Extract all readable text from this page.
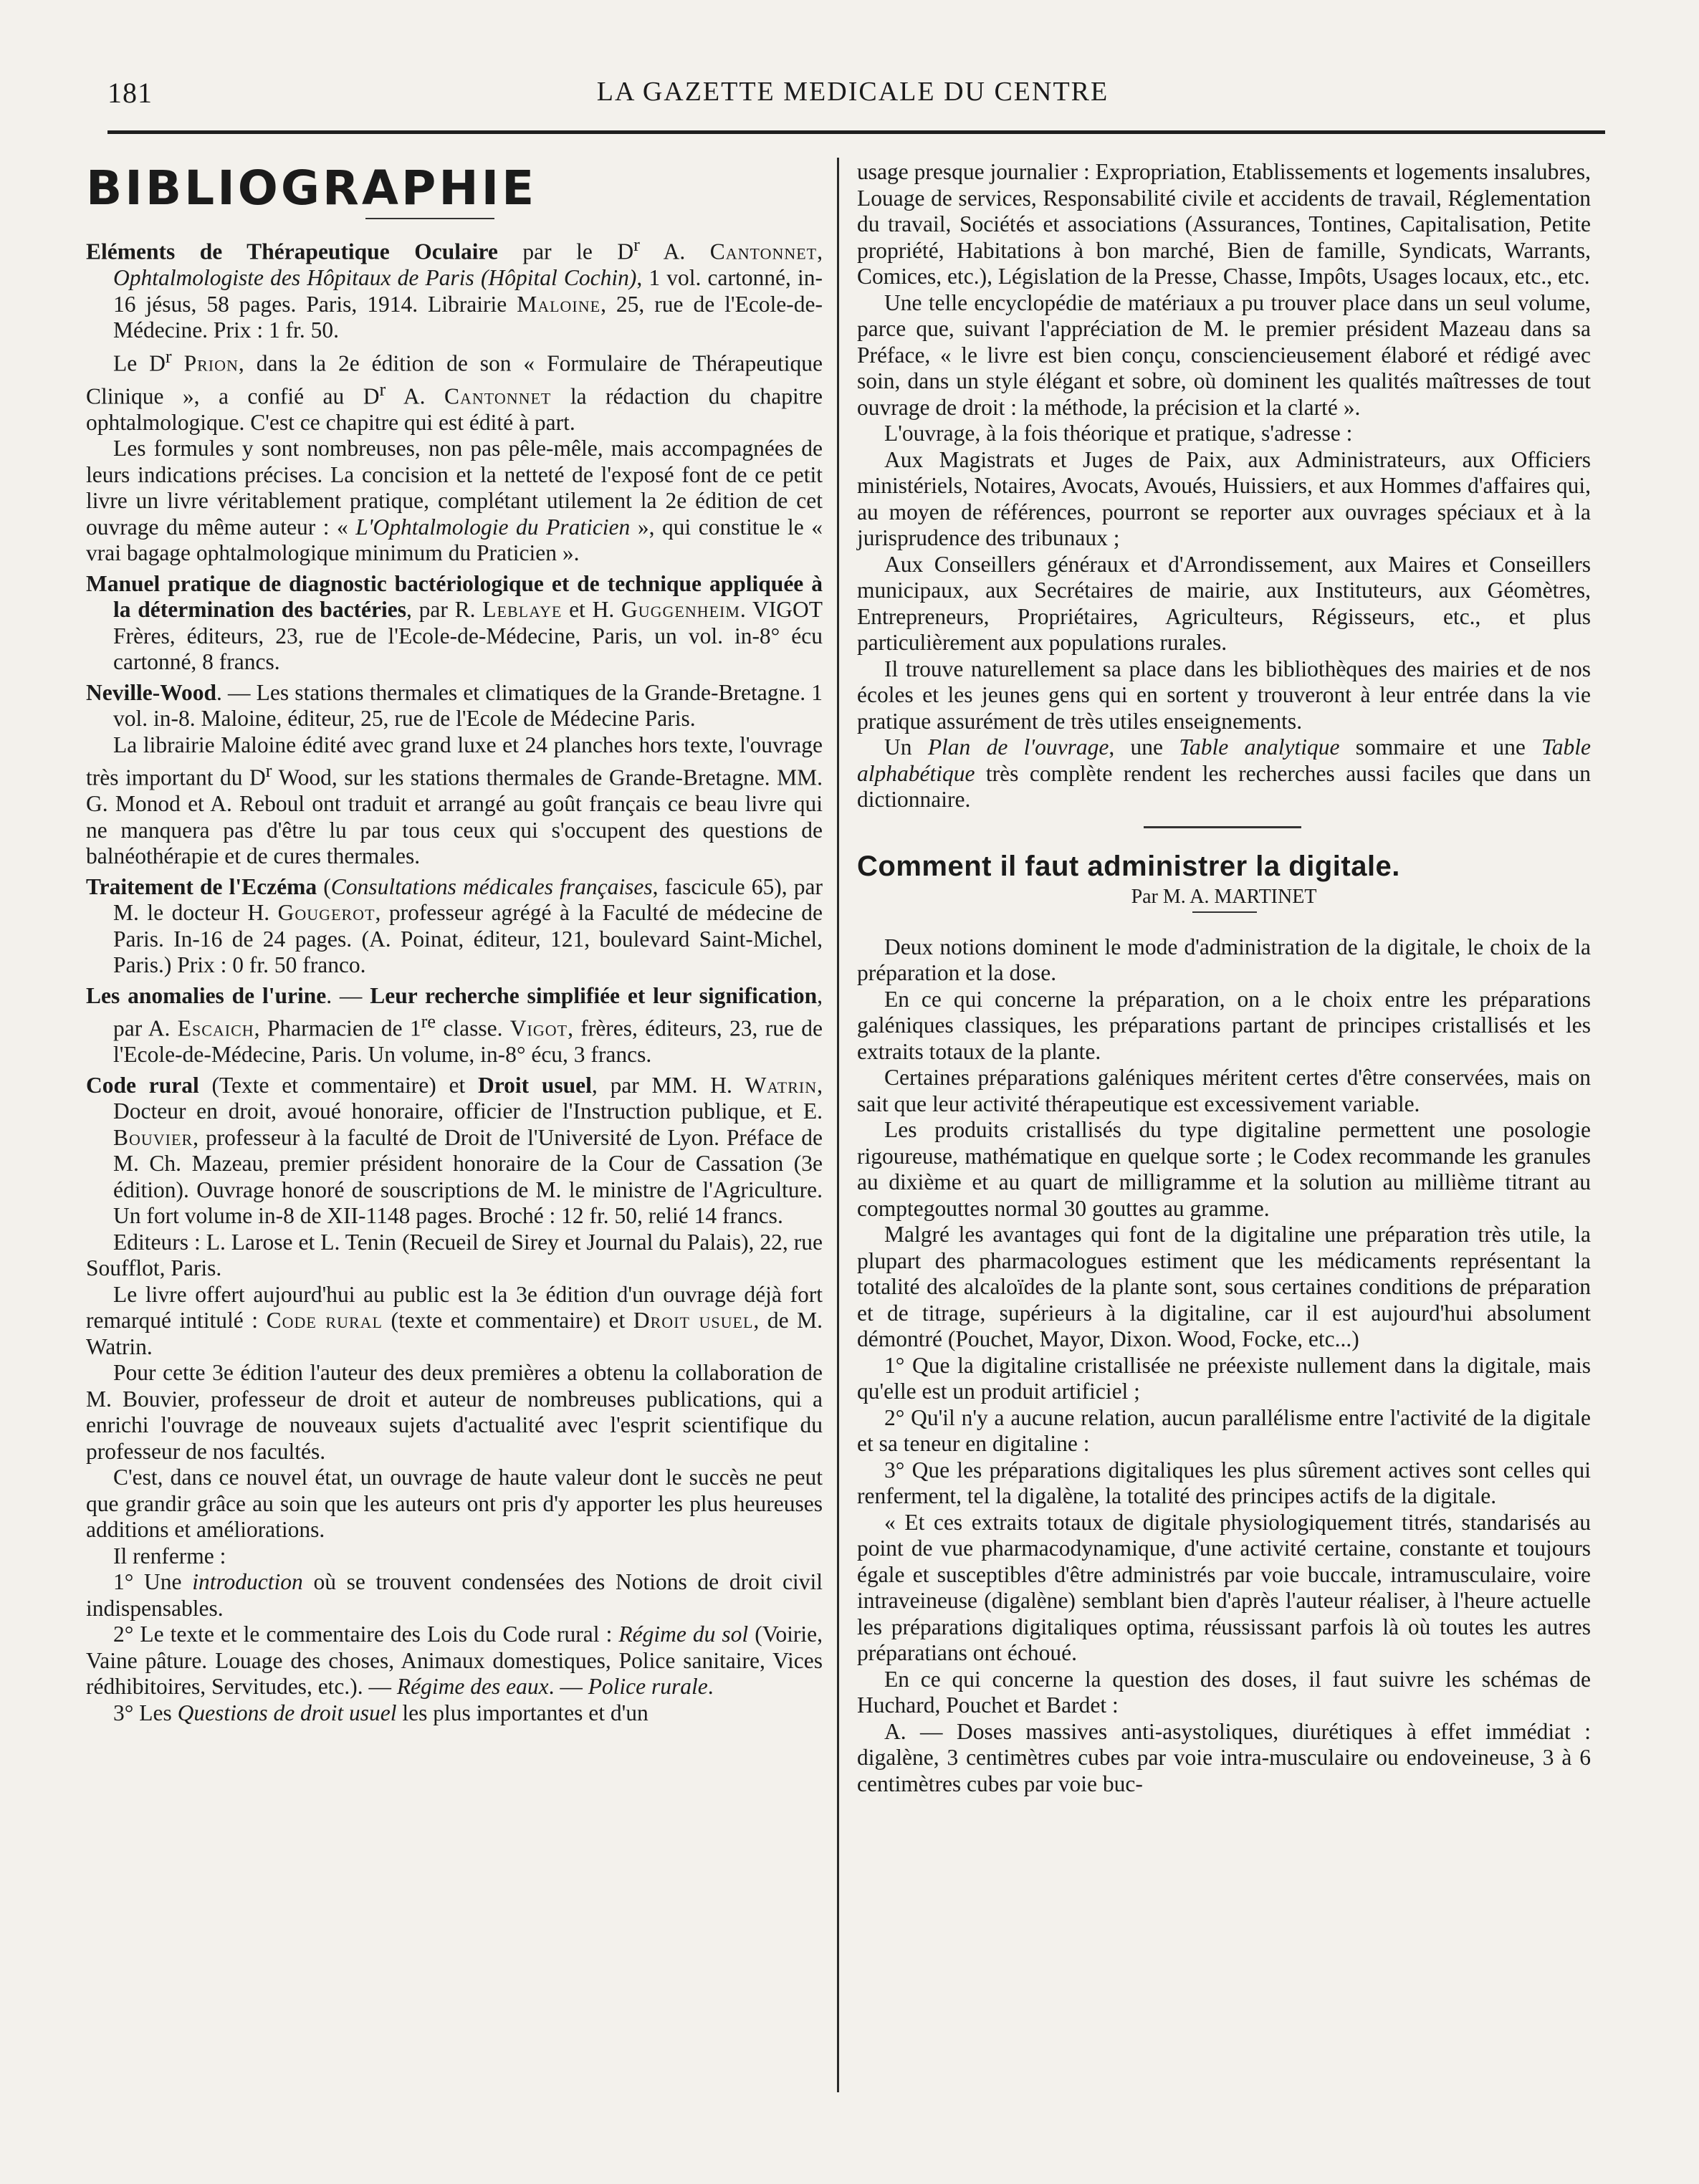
LA GAZETTE MEDICALE DU CENTRE
181

BIBLIOGRAPHIE

Eléments de Thérapeutique Oculaire par le $D^r$ A. Cantonnet, Ophtalmologiste des Hôpitaux de Paris (Hôpital Cochin), 1 vol. cartonné, in-16 jésus, 58 pages. Paris, 1914. Librairie Maloine, 25, rue de l'Ecole-de-Médecine. Prix : 1 fr. 50.

Le $D^r$ Prion, dans la 2e édition de son « Formulaire de Thérapeutique Clinique », a confié au $D^r$ A. Cantonnet la rédaction du chapitre ophtalmologique. C'est ce chapitre qui est édité à part.

Les formules y sont nombreuses, non pas pêle-mêle, mais accompagnées de leurs indications précises. La concision et la netteté de l'exposé font de ce petit livre un livre véritablement pratique, complétant utilement la 2e édition de cet ouvrage du même auteur : « L'Ophtalmologie du Praticien », qui constitue le « vrai bagage ophtalmologique minimum du Praticien ».

Manuel pratique de diagnostic bactériologique et de technique appliquée à la détermination des bactéries, par R. Leblaye et H. Guggenheim. VIGOT Frères, éditeurs, 23, rue de l'Ecole-de-Médecine, Paris, un vol. in-8° écu cartonné, 8 francs.

Neville-Wood. — Les stations thermales et climatiques de la Grande-Bretagne. 1 vol. in-8. Maloine, éditeur, 25, rue de l'Ecole de Médecine Paris.

La librairie Maloine édité avec grand luxe et 24 planches hors texte, l'ouvrage très important du $D^r$ Wood, sur les stations thermales de Grande-Bretagne. MM. G. Monod et A. Reboul ont traduit et arrangé au goût français ce beau livre qui ne manquera pas d'être lu par tous ceux qui s'occupent des questions de balnéothérapie et de cures thermales.

Traitement de l'Eczéma (Consultations médicales françaises, fascicule 65), par M. le docteur H. Gougerot, professeur agrégé à la Faculté de médecine de Paris. In-16 de 24 pages. (A. Poinat, éditeur, 121, boulevard Saint-Michel, Paris.) Prix : 0 fr. 50 franco.

Les anomalies de l'urine. — Leur recherche simplifiée et leur signification, par A. Escaich, Pharmacien de 1re classe. Vigot, frères, éditeurs, 23, rue de l'Ecole-de-Médecine, Paris. Un volume, in-8° écu, 3 francs.

Code rural (Texte et commentaire) et Droit usuel, par MM. H. Watrin, Docteur en droit, avoué honoraire, officier de l'Instruction publique, et E. Bouvier, professeur à la faculté de Droit de l'Université de Lyon. Préface de M. Ch. Mazeau, premier président honoraire de la Cour de Cassation (3e édition). Ouvrage honoré de souscriptions de M. le ministre de l'Agriculture. Un fort volume in-8 de XII-1148 pages. Broché : 12 fr. 50, relié 14 francs.

Editeurs : L. Larose et L. Tenin (Recueil de Sirey et Journal du Palais), 22, rue Soufflot, Paris.

Le livre offert aujourd'hui au public est la 3e édition d'un ouvrage déjà fort remarqué intitulé : Code rural (texte et commentaire) et Droit usuel, de M. Watrin.

Pour cette 3e édition l'auteur des deux premières a obtenu la collaboration de M. Bouvier, professeur de droit et auteur de nombreuses publications, qui a enrichi l'ouvrage de nouveaux sujets d'actualité avec l'esprit scientifique du professeur de nos facultés.

C'est, dans ce nouvel état, un ouvrage de haute valeur dont le succès ne peut que grandir grâce au soin que les auteurs ont pris d'y apporter les plus heureuses additions et améliorations.

Il renferme :

1° Une introduction où se trouvent condensées des Notions de droit civil indispensables.

2° Le texte et le commentaire des Lois du Code rural : Régime du sol (Voirie, Vaine pâture. Louage des choses, Animaux domestiques, Police sanitaire, Vices rédhibitoires, Servitudes, etc.). — Régime des eaux. — Police rurale.

3° Les Questions de droit usuel les plus importantes et d'un

usage presque journalier : Expropriation, Etablissements et logements insalubres, Louage de services, Responsabilité civile et accidents de travail, Réglementation du travail, Sociétés et associations (Assurances, Tontines, Capitalisation, Petite propriété, Habitations à bon marché, Bien de famille, Syndicats, Warrants, Comices, etc.), Législation de la Presse, Chasse, Impôts, Usages locaux, etc., etc.

Une telle encyclopédie de matériaux a pu trouver place dans un seul volume, parce que, suivant l'appréciation de M. le premier président Mazeau dans sa Préface, « le livre est bien conçu, consciencieusement élaboré et rédigé avec soin, dans un style élégant et sobre, où dominent les qualités maîtresses de tout ouvrage de droit : la méthode, la précision et la clarté ».

L'ouvrage, à la fois théorique et pratique, s'adresse :

Aux Magistrats et Juges de Paix, aux Administrateurs, aux Officiers ministériels, Notaires, Avocats, Avoués, Huissiers, et aux Hommes d'affaires qui, au moyen de références, pourront se reporter aux ouvrages spéciaux et à la jurisprudence des tribunaux ;

Aux Conseillers généraux et d'Arrondissement, aux Maires et Conseillers municipaux, aux Secrétaires de mairie, aux Instituteurs, aux Géomètres, Entrepreneurs, Propriétaires, Agriculteurs, Régisseurs, etc., et plus particulièrement aux populations rurales.

Il trouve naturellement sa place dans les bibliothèques des mairies et de nos écoles et les jeunes gens qui en sortent y trouveront à leur entrée dans la vie pratique assurément de très utiles enseignements.

Un Plan de l'ouvrage, une Table analytique sommaire et une Table alphabétique très complète rendent les recherches aussi faciles que dans un dictionnaire.

Comment il faut administrer la digitale.

Par M. A. MARTINET

Deux notions dominent le mode d'administration de la digitale, le choix de la préparation et la dose.

En ce qui concerne la préparation, on a le choix entre les préparations galéniques classiques, les préparations partant de principes cristallisés et les extraits totaux de la plante.

Certaines préparations galéniques méritent certes d'être conservées, mais on sait que leur activité thérapeutique est excessivement variable.

Les produits cristallisés du type digitaline permettent une posologie rigoureuse, mathématique en quelque sorte ; le Codex recommande les granules au dixième et au quart de milligramme et la solution au millième titrant au comptegouttes normal 30 gouttes au gramme.

Malgré les avantages qui font de la digitaline une préparation très utile, la plupart des pharmacologues estiment que les médicaments représentant la totalité des alcaloïdes de la plante sont, sous certaines conditions de préparation et de titrage, supérieurs à la digitaline, car il est aujourd'hui absolument démontré (Pouchet, Mayor, Dixon. Wood, Focke, etc...)

1° Que la digitaline cristallisée ne préexiste nullement dans la digitale, mais qu'elle est un produit artificiel ;

2° Qu'il n'y a aucune relation, aucun parallélisme entre l'activité de la digitale et sa teneur en digitaline :

3° Que les préparations digitaliques les plus sûrement actives sont celles qui renferment, tel la digalène, la totalité des principes actifs de la digitale.

« Et ces extraits totaux de digitale physiologiquement titrés, standarisés au point de vue pharmacodynamique, d'une activité certaine, constante et toujours égale et susceptibles d'être administrés par voie buccale, intramusculaire, voire intraveineuse (digalène) semblant bien d'après l'auteur réaliser, à l'heure actuelle les préparations digitaliques optima, réussissant parfois là où toutes les autres préparatians ont échoué.

En ce qui concerne la question des doses, il faut suivre les schémas de Huchard, Pouchet et Bardet :

A. — Doses massives anti-asystoliques, diurétiques à effet immédiat : digalène, 3 centimètres cubes par voie intra-musculaire ou endoveineuse, 3 à 6 centimètres cubes par voie buc-
